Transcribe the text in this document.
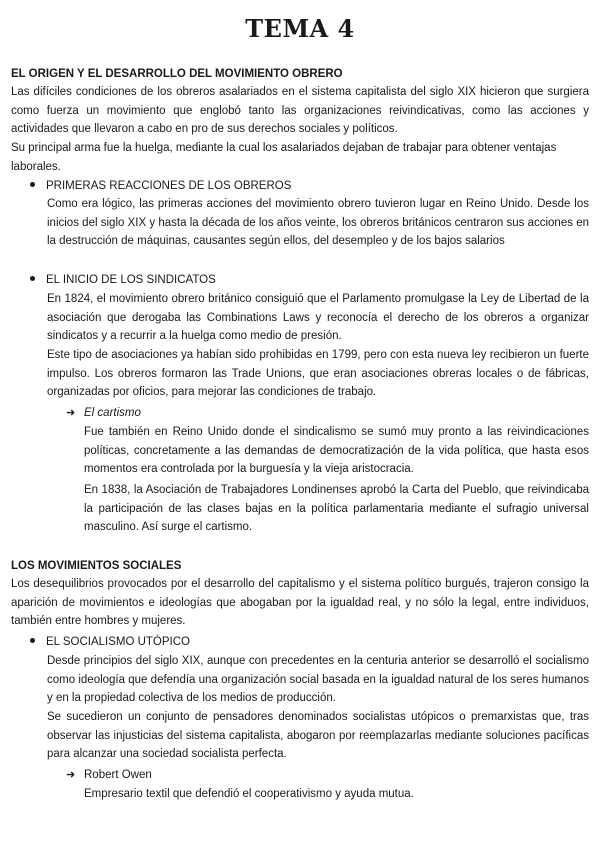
TEMA 4
EL ORIGEN Y EL DESARROLLO DEL MOVIMIENTO OBRERO

Las difíciles condiciones de los obreros asalariados en el sistema capitalista del siglo XIX hicieron que surgiera como fuerza un movimiento que englobó tanto las organizaciones reivindicativas, como las acciones y actividades que llevaron a cabo en pro de sus derechos sociales y políticos.

Su principal arma fue la huelga, mediante la cual los asalariados dejaban de trabajar para obtener ventajas laborales.

PRIMERAS REACCIONES DE LOS OBREROS

Como era lógico, las primeras acciones del movimiento obrero tuvieron lugar en Reino Unido. Desde los inicios del siglo XIX y hasta la década de los años veinte, los obreros británicos centraron sus acciones en la destrucción de máquinas, causantes según ellos, del desempleo y de los bajos salarios

EL INICIO DE LOS SINDICATOS

En 1824, el movimiento obrero británico consiguió que el Parlamento promulgase la Ley de Libertad de la asociación que derogaba las Combinations Laws y reconocía el derecho de los obreros a organizar sindicatos y a recurrir a la huelga como medio de presión.

Este tipo de asociaciones ya habían sido prohibidas en 1799, pero con esta nueva ley recibieron un fuerte impulso. Los obreros formaron las Trade Unions, que eran asociaciones obreras locales o de fábricas, organizadas por oficios, para mejorar las condiciones de trabajo.

➜ El cartismo

Fue también en Reino Unido donde el sindicalismo se sumó muy pronto a las reivindicaciones políticas, concretamente a las demandas de democratización de la vida política, que hasta esos momentos era controlada por la burguesía y la vieja aristocracia.

En 1838, la Asociación de Trabajadores Londinenses aprobó la Carta del Pueblo, que reivindicaba la participación de las clases bajas en la política parlamentaria mediante el sufragio universal masculino. Así surge el cartismo.

LOS MOVIMIENTOS SOCIALES

Los desequilibrios provocados por el desarrollo del capitalismo y el sistema político burgués, trajeron consigo la aparición de movimientos e ideologías que abogaban por la igualdad real, y no sólo la legal, entre individuos, también entre hombres y mujeres.

EL SOCIALISMO UTÓPICO

Desde principios del siglo XIX, aunque con precedentes en la centuria anterior se desarrolló el socialismo como ideología que defendía una organización social basada en la igualdad natural de los seres humanos y en la propiedad colectiva de los medios de producción.

Se sucedieron un conjunto de pensadores denominados socialistas utópicos o premarxistas que, tras observar las injusticias del sistema capitalista, abogaron por reemplazarlas mediante soluciones pacíficas para alcanzar una sociedad socialista perfecta.

➜ Robert Owen

Empresario textil que defendió el cooperativismo y ayuda mutua.
